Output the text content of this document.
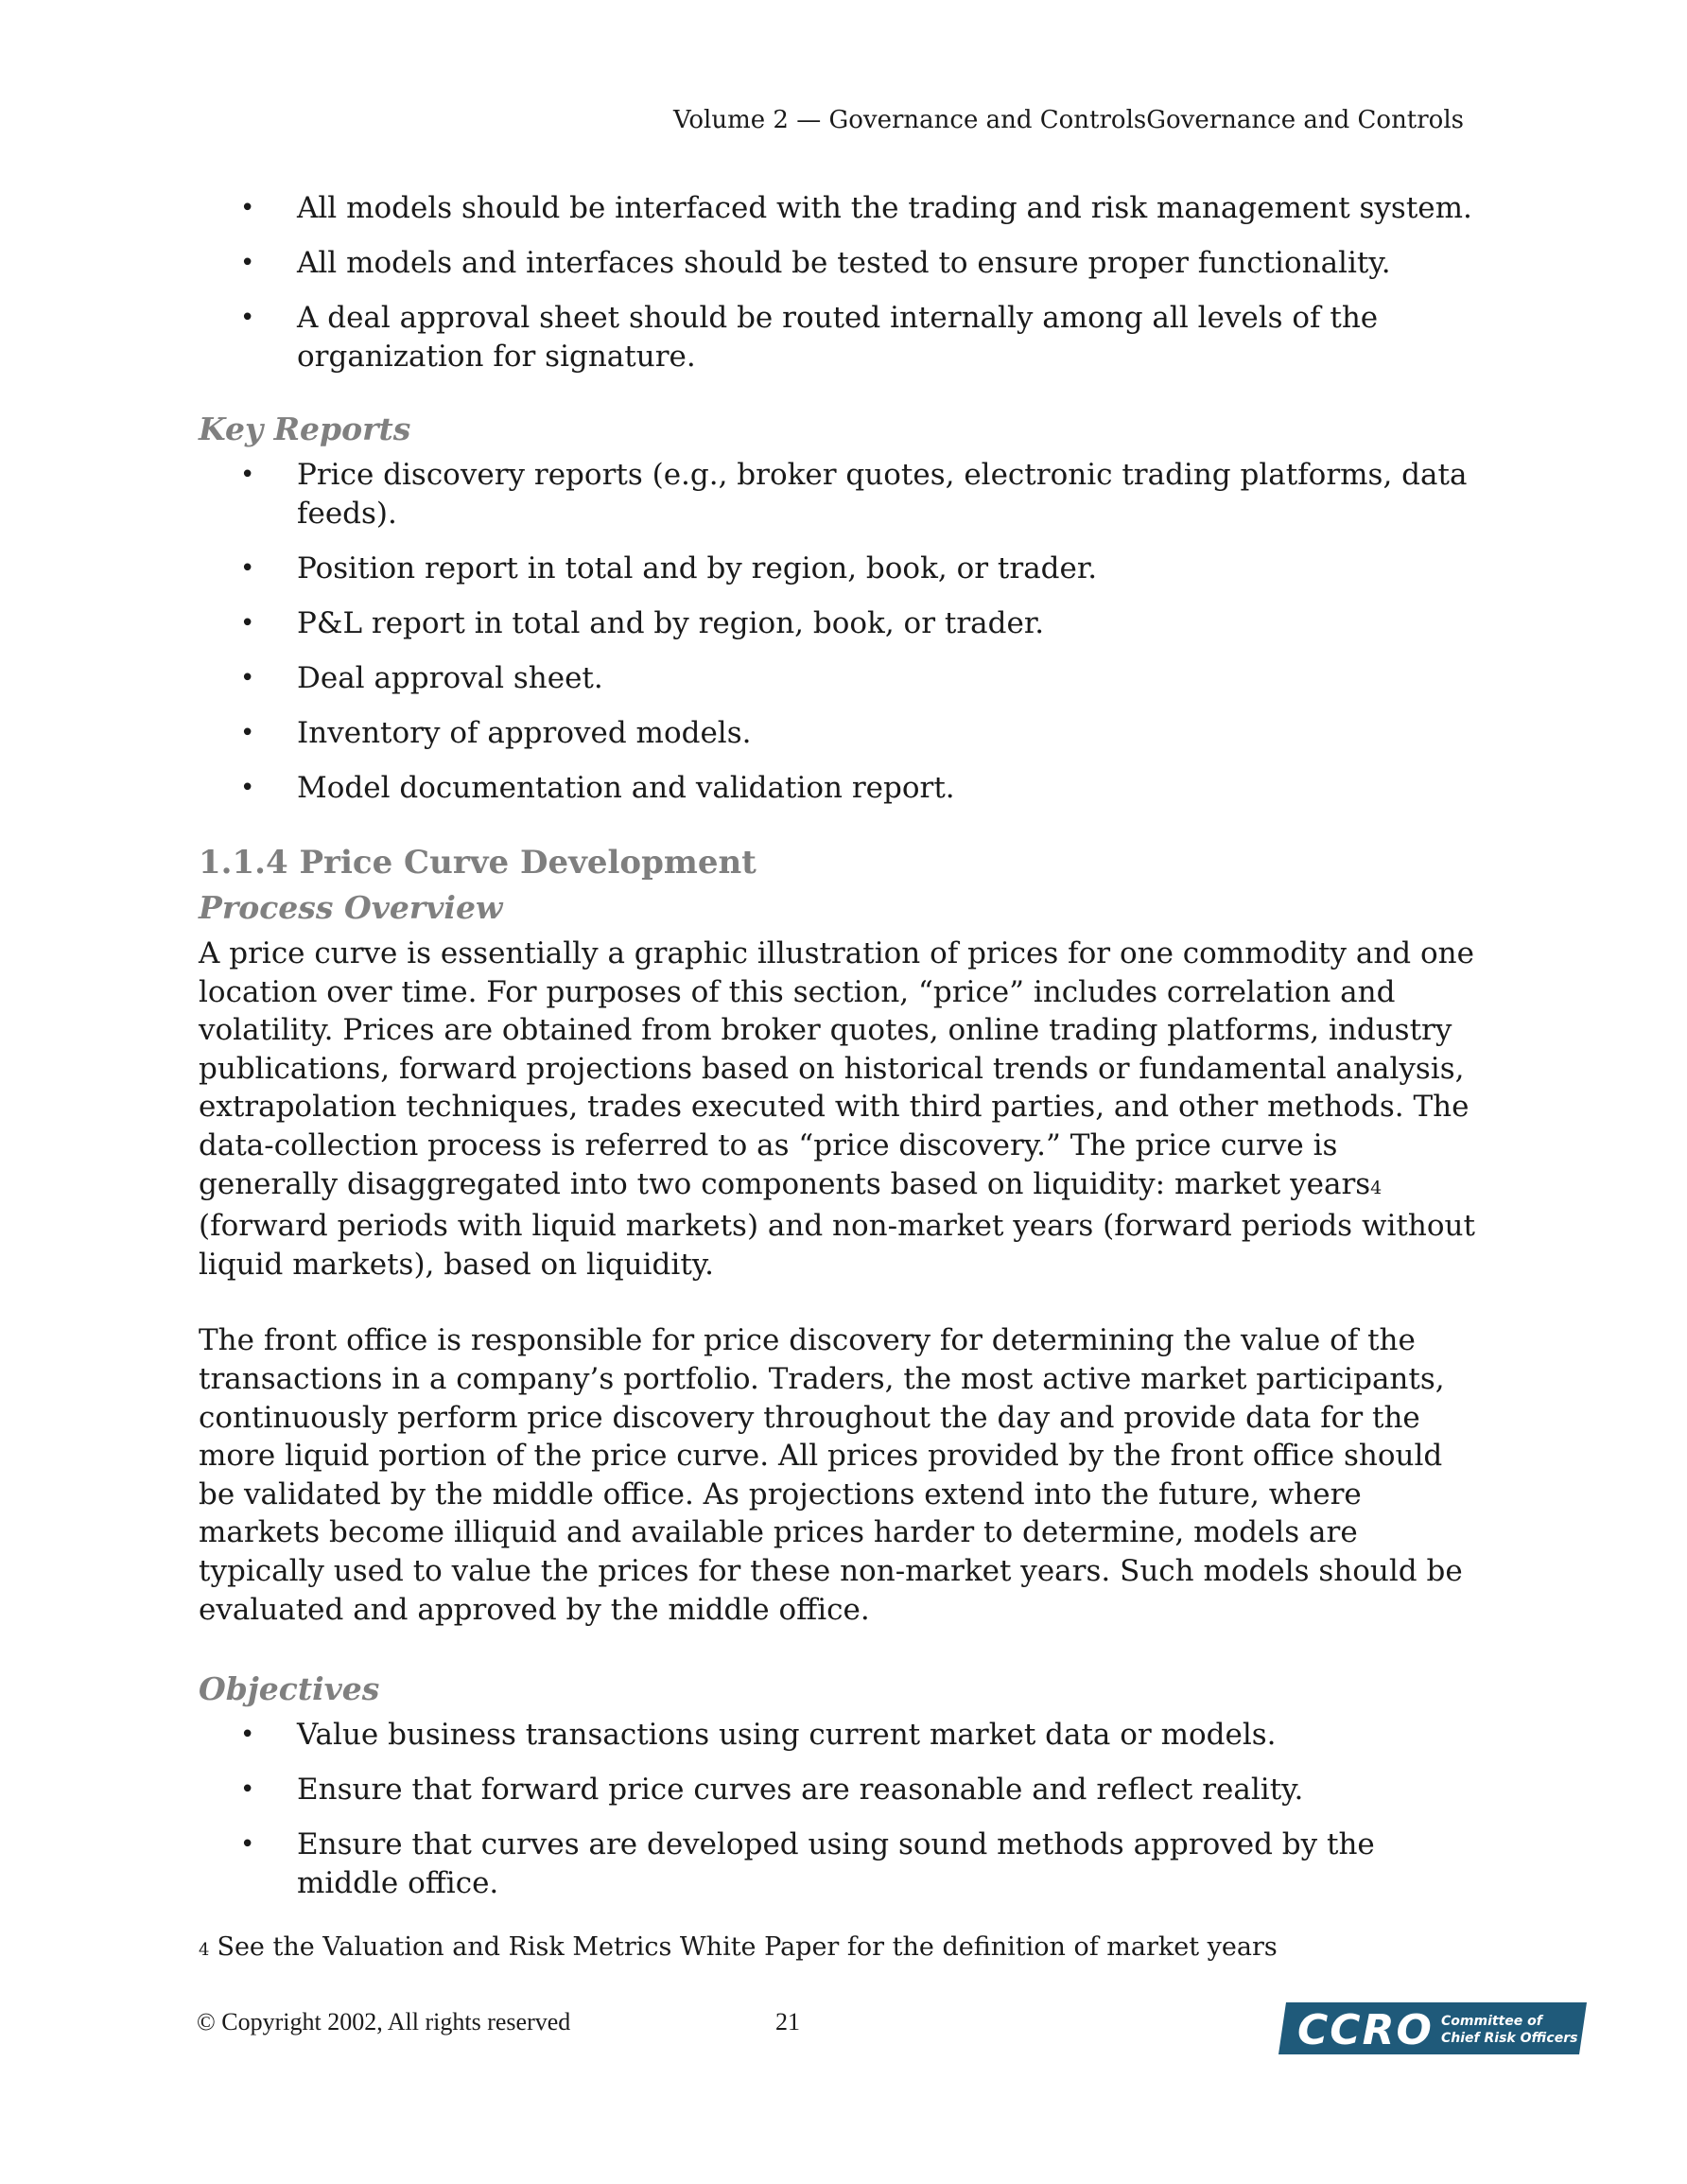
Volume 2 — Governance and ControlsGovernance and Controls
• All models should be interfaced with the trading and risk management system.
• All models and interfaces should be tested to ensure proper functionality.
• A deal approval sheet should be routed internally among all levels of the organization for signature.
Key Reports
• Price discovery reports (e.g., broker quotes, electronic trading platforms, data feeds).
• Position report in total and by region, book, or trader.
• P&L report in total and by region, book, or trader.
• Deal approval sheet.
• Inventory of approved models.
• Model documentation and validation report.
1.1.4 Price Curve Development
Process Overview

A price curve is essentially a graphic illustration of prices for one commodity and one location over time. For purposes of this section, “price” includes correlation and volatility. Prices are obtained from broker quotes, online trading platforms, industry publications, forward projections based on historical trends or fundamental analysis, extrapolation techniques, trades executed with third parties, and other methods. The data-collection process is referred to as “price discovery.” The price curve is generally disaggregated into two components based on liquidity: market years4 (forward periods with liquid markets) and non-market years (forward periods without liquid markets), based on liquidity.

The front office is responsible for price discovery for determining the value of the transactions in a company’s portfolio. Traders, the most active market participants, continuously perform price discovery throughout the day and provide data for the more liquid portion of the price curve. All prices provided by the front office should be validated by the middle office. As projections extend into the future, where markets become illiquid and available prices harder to determine, models are typically used to value the prices for these non-market years. Such models should be evaluated and approved by the middle office.

Objectives
• Value business transactions using current market data or models.
• Ensure that forward price curves are reasonable and reflect reality.
• Ensure that curves are developed using sound methods approved by the middle office.
4 See the Valuation and Risk Metrics White Paper for the definition of market years
© Copyright 2002, All rights reserved	21	CCRO Committee of
Chief Risk Officers
